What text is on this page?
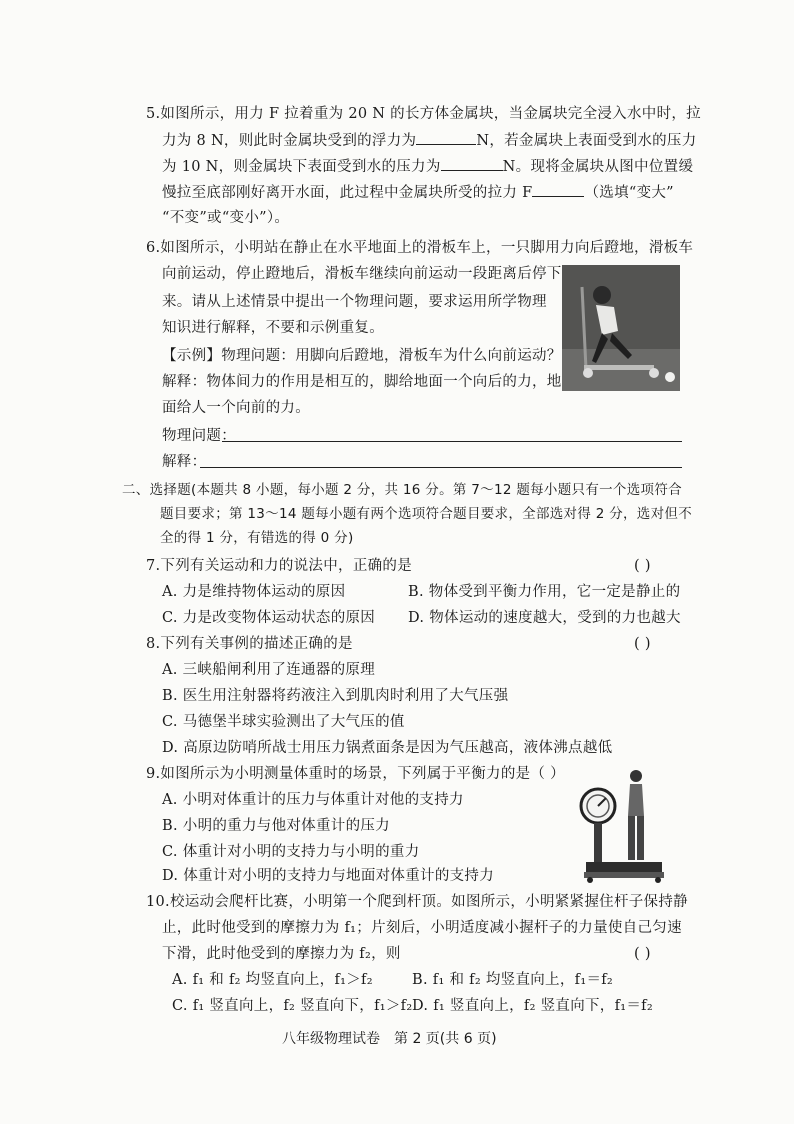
5.如图所示，用力 F 拉着重为 20 N 的长方体金属块，当金属块完全浸入水中时，拉
力为 8 N，则此时金属块受到的浮力为	N，若金属块上表面受到水的压力
为 10 N，则金属块下表面受到水的压力为	N。现将金属块从图中位置缓
慢拉至底部刚好离开水面，此过程中金属块所受的拉力 F	（选填“变大”
“不变”或“变小”）。
6.如图所示，小明站在静止在水平地面上的滑板车上，一只脚用力向后蹬地，滑板车
向前运动，停止蹬地后，滑板车继续向前运动一段距离后停下
来。请从上述情景中提出一个物理问题，要求运用所学物理
知识进行解释，不要和示例重复。
【示例】物理问题：用脚向后蹬地，滑板车为什么向前运动？
解释：物体间力的作用是相互的，脚给地面一个向后的力，地
面给人一个向前的力。
物理问题：
解释：
二、选择题(本题共 8 小题，每小题 2 分，共 16 分。第 7～12 题每小题只有一个选项符合
题目要求；第 13～14 题每小题有两个选项符合题目要求，全部选对得 2 分，选对但不
全的得 1 分，有错选的得 0 分)
7.下列有关运动和力的说法中，正确的是	( )
A. 力是维持物体运动的原因	B. 物体受到平衡力作用，它一定是静止的
C. 力是改变物体运动状态的原因 D. 物体运动的速度越大，受到的力也越大
8.下列有关事例的描述正确的是	( )
A. 三峡船闸利用了连通器的原理
B. 医生用注射器将药液注入到肌肉时利用了大气压强
C. 马德堡半球实验测出了大气压的值
D. 高原边防哨所战士用压力锅煮面条是因为气压越高，液体沸点越低
9.如图所示为小明测量体重时的场景，下列属于平衡力的是（ ）
A. 小明对体重计的压力与体重计对他的支持力
B. 小明的重力与他对体重计的压力
C. 体重计对小明的支持力与小明的重力
D. 体重计对小明的支持力与地面对体重计的支持力
10.校运动会爬杆比赛，小明第一个爬到杆顶。如图所示，小明紧紧握住杆子保持静
止，此时他受到的摩擦力为 f₁；片刻后，小明适度减小握杆子的力量使自己匀速
下滑，此时他受到的摩擦力为 f₂，则	( )
A. f₁ 和 f₂ 均竖直向上，f₁＞f₂	B. f₁ 和 f₂ 均竖直向上，f₁＝f₂
C. f₁ 竖直向上，f₂ 竖直向下，f₁＞f₂ D. f₁ 竖直向上，f₂ 竖直向下，f₁＝f₂
八年级物理试卷　第 2 页(共 6 页)
